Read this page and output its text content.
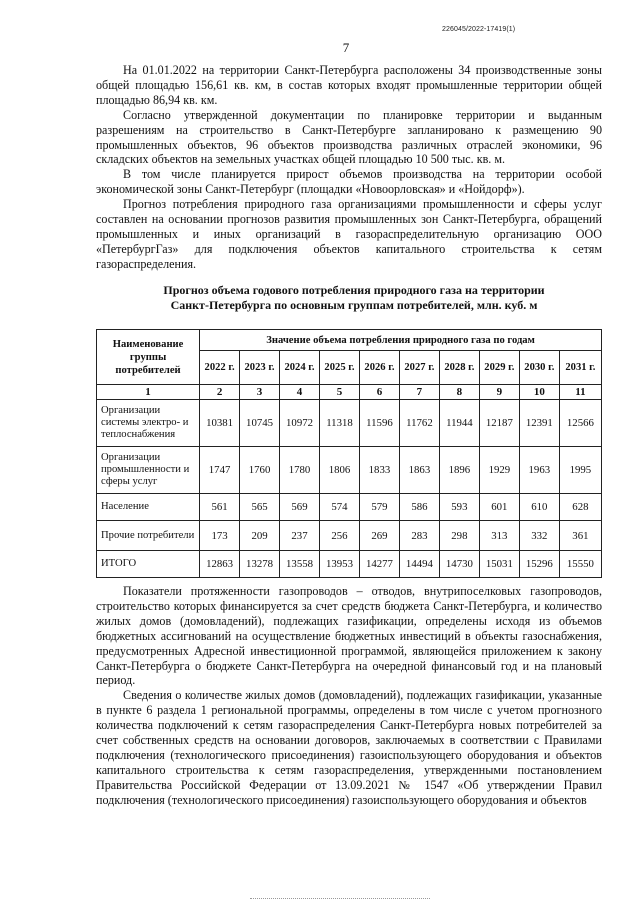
226045/2022-17419(1)
7

На 01.01.2022 на территории Санкт-Петербурга расположены 34 производственные зоны общей площадью 156,61 кв. км, в состав которых входят промышленные территории общей площадью 86,94 кв. км.

Согласно утвержденной документации по планировке территории и выданным разрешениям на строительство в Санкт-Петербурге запланировано к размещению 90 промышленных объектов, 96 объектов производства различных отраслей экономики, 96 складских объектов на земельных участках общей площадью 10 500 тыс. кв. м.

В том числе планируется прирост объемов производства на территории особой экономической зоны Санкт-Петербург (площадки «Новоорловская» и «Нойдорф»).

Прогноз потребления природного газа организациями промышленности и сферы услуг составлен на основании прогнозов развития промышленных зон Санкт-Петербурга, обращений промышленных и иных организаций в газораспределительную организацию ООО «ПетербургГаз» для подключения объектов капитального строительства к сетям газораспределения.

Прогноз объема годового потребления природного газа на территории
Санкт-Петербурга по основным группам потребителей, млн. куб. м
Наименование группы потребителей	Значение объема потребления природного газа по годам									
	2022 г.	2023 г.	2024 г.	2025 г.	2026 г.	2027 г.	2028 г.	2029 г.	2030 г.	2031 г.
1	2	3	4	5	6	7	8	9	10	11
Организации системы электро- и теплоснабжения	10381	10745	10972	11318	11596	11762	11944	12187	12391	12566
Организации промышленности и сферы услуг	1747	1760	1780	1806	1833	1863	1896	1929	1963	1995
Население	561	565	569	574	579	586	593	601	610	628
Прочие потребители	173	209	237	256	269	283	298	313	332	361
ИТОГО	12863	13278	13558	13953	14277	14494	14730	15031	15296	15550

Показатели протяженности газопроводов – отводов, внутрипоселковых газопроводов, строительство которых финансируется за счет средств бюджета Санкт-Петербурга, и количество жилых домов (домовладений), подлежащих газификации, определены исходя из объемов бюджетных ассигнований на осуществление бюджетных инвестиций в объекты газоснабжения, предусмотренных Адресной инвестиционной программой, являющейся приложением к закону Санкт-Петербурга о бюджете Санкт-Петербурга на очередной финансовый год и на плановый период.

Сведения о количестве жилых домов (домовладений), подлежащих газификации, указанные в пункте 6 раздела 1 региональной программы, определены в том числе с учетом прогнозного количества подключений к сетям газораспределения Санкт-Петербурга новых потребителей за счет собственных средств на основании договоров, заключаемых в соответствии с Правилами подключения (технологического присоединения) газоиспользующего оборудования и объектов капитального строительства к сетям газораспределения, утвержденными постановлением Правительства Российской Федерации от 13.09.2021 № 1547 «Об утверждении Правил подключения (технологического присоединения) газоиспользующего оборудования и объектов
